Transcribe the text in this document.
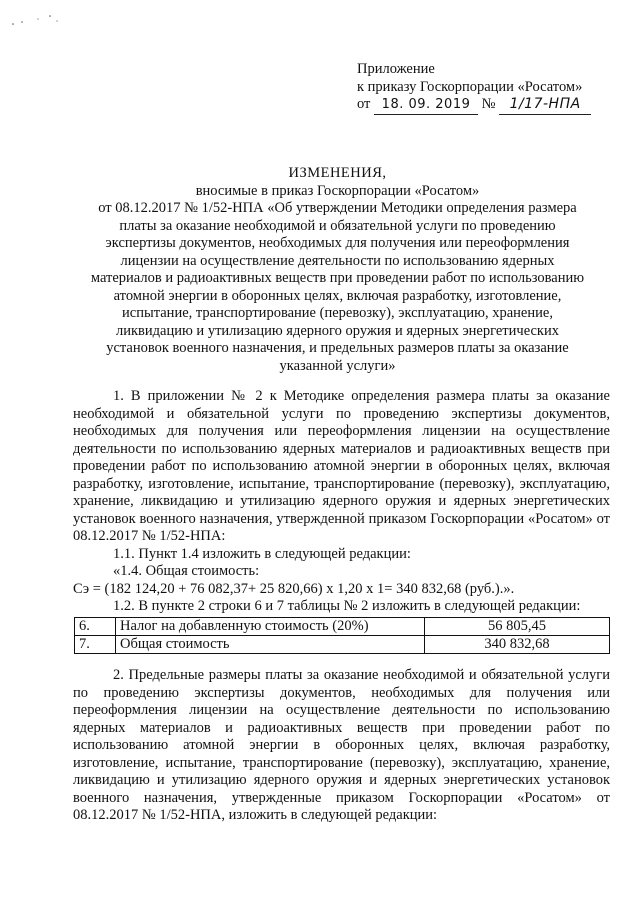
Приложение
к приказу Госкорпорации «Росатом»
от 18. 09. 2019 № 1/17-НПА
ИЗМЕНЕНИЯ,
вносимые в приказ Госкорпорации «Росатом»
от 08.12.2017 № 1/52-НПА «Об утверждении Методики определения размера
платы за оказание необходимой и обязательной услуги по проведению
экспертизы документов, необходимых для получения или переоформления
лицензии на осуществление деятельности по использованию ядерных
материалов и радиоактивных веществ при проведении работ по использованию
атомной энергии в оборонных целях, включая разработку, изготовление,
испытание, транспортирование (перевозку), эксплуатацию, хранение,
ликвидацию и утилизацию ядерного оружия и ядерных энергетических
установок военного назначения, и предельных размеров платы за оказание
указанной услуги»
1. В приложении № 2 к Методике определения размера платы за оказание необходимой и обязательной услуги по проведению экспертизы документов, необходимых для получения или переоформления лицензии на осуществление деятельности по использованию ядерных материалов и радиоактивных веществ при проведении работ по использованию атомной энергии в оборонных целях, включая разработку, изготовление, испытание, транспортирование (перевозку), эксплуатацию, хранение, ликвидацию и утилизацию ядерного оружия и ядерных энергетических установок военного назначения, утвержденной приказом Госкорпорации «Росатом» от 08.12.2017 № 1/52-НПА:
1.1. Пункт 1.4 изложить в следующей редакции:
«1.4. Общая стоимость:
Сэ = (182 124,20 + 76 082,37+ 25 820,66) х 1,20 х 1= 340 832,68 (руб.).».
1.2. В пункте 2 строки 6 и 7 таблицы № 2 изложить в следующей редакции:
6.	Налог на добавленную стоимость (20%)	56 805,45
7.	Общая стоимость	340 832,68
2. Предельные размеры платы за оказание необходимой и обязательной услуги по проведению экспертизы документов, необходимых для получения или переоформления лицензии на осуществление деятельности по использованию ядерных материалов и радиоактивных веществ при проведении работ по использованию атомной энергии в оборонных целях, включая разработку, изготовление, испытание, транспортирование (перевозку), эксплуатацию, хранение, ликвидацию и утилизацию ядерного оружия и ядерных энергетических установок военного назначения, утвержденные приказом Госкорпорации «Росатом» от 08.12.2017 № 1/52-НПА, изложить в следующей редакции:
